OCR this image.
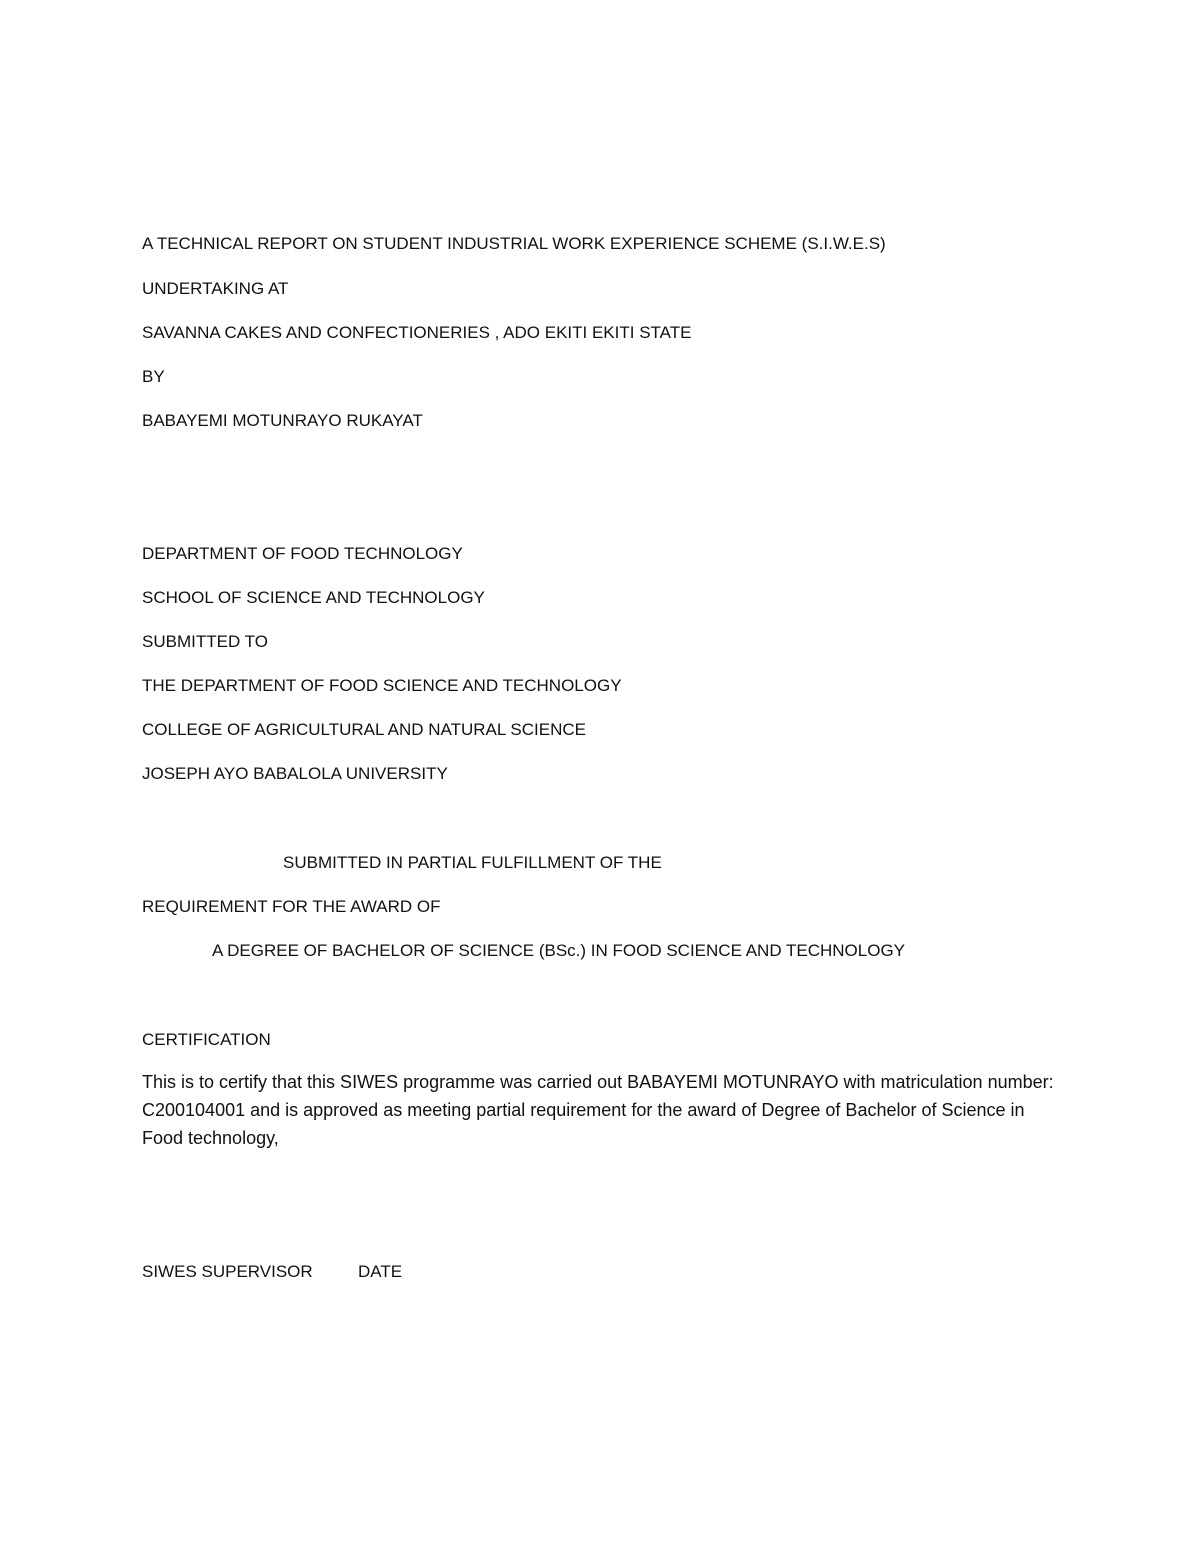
A TECHNICAL REPORT ON STUDENT INDUSTRIAL WORK EXPERIENCE SCHEME (S.I.W.E.S)
UNDERTAKING AT
SAVANNA CAKES AND CONFECTIONERIES , ADO EKITI EKITI STATE
BY
BABAYEMI MOTUNRAYO RUKAYAT
DEPARTMENT OF FOOD TECHNOLOGY
SCHOOL OF SCIENCE AND TECHNOLOGY
SUBMITTED TO
THE DEPARTMENT OF FOOD SCIENCE AND TECHNOLOGY
COLLEGE OF AGRICULTURAL AND NATURAL SCIENCE
JOSEPH AYO BABALOLA UNIVERSITY
SUBMITTED IN PARTIAL FULFILLMENT OF THE
REQUIREMENT FOR THE AWARD OF
A DEGREE OF BACHELOR OF SCIENCE (BSc.) IN FOOD SCIENCE AND TECHNOLOGY
CERTIFICATION
This is to certify that this SIWES programme was carried out BABAYEMI MOTUNRAYO with matriculation number: C200104001 and is approved as meeting partial requirement for the award of Degree of Bachelor of Science in Food technology,
SIWES SUPERVISOR	DATE
